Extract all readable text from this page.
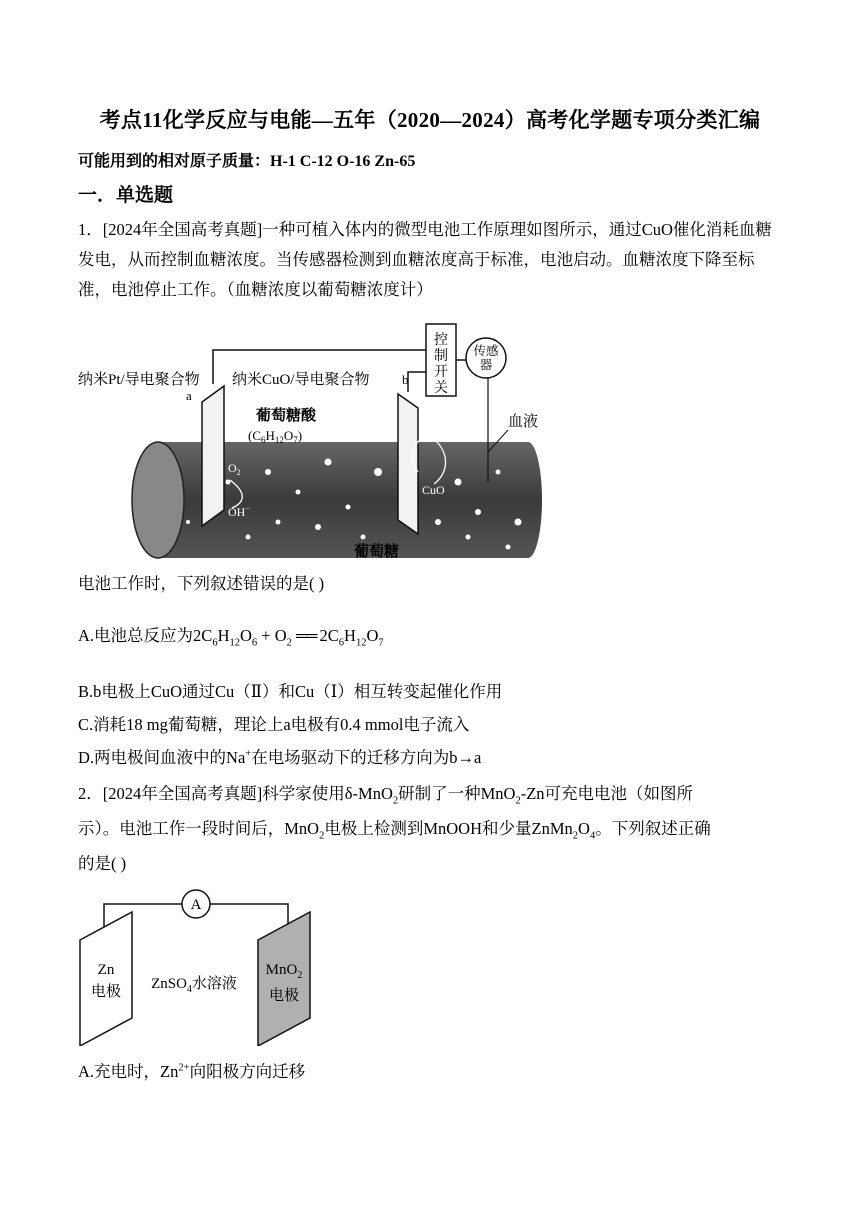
考点11化学反应与电能—五年（2020—2024）高考化学题专项分类汇编
可能用到的相对原子质量：H-1 C-12 O-16 Zn-65
一．单选题
1．[2024年全国高考真题]一种可植入体内的微型电池工作原理如图所示，通过CuO催化消耗血糖发电，从而控制血糖浓度。当传感器检测到血糖浓度高于标准，电池启动。血糖浓度下降至标准，电池停止工作。（血糖浓度以葡萄糖浓度计）
控
制
开
关
传感
器
纳米Pt/导电聚合物 纳米CuO/导电聚合物
a
b
血液
葡萄糖酸
$(C_6H_{12}O_7)$
葡萄糖
$O_2$
OH−
$Cu_2O$
CuO
电池工作时，下列叙述错误的是( )
A.电池总反应为$2C_6H_{12}O_6 + O_2$ ══ $2C_6H_{12}O_7$
B.b电极上CuO通过Cu（Ⅱ）和Cu（Ⅰ）相互转变起催化作用
C.消耗18 mg葡萄糖，理论上a电极有0.4 mmol电子流入
D.两电极间血液中的Na+在电场驱动下的迁移方向为b→a
2．[2024年全国高考真题]科学家使用δ-MnO$_2$研制了一种MnO$_2$-Zn可充电电池（如图所
示）。电池工作一段时间后，MnO$_2$电极上检测到MnOOH和少量$ZnMn_2O_4$。下列叙述正确
的是( )
A
Zn
电极 ZnSO$_4$水溶液
MnO$_2$
电极
A.充电时，$Zn^{2+}$向阳极方向迁移
